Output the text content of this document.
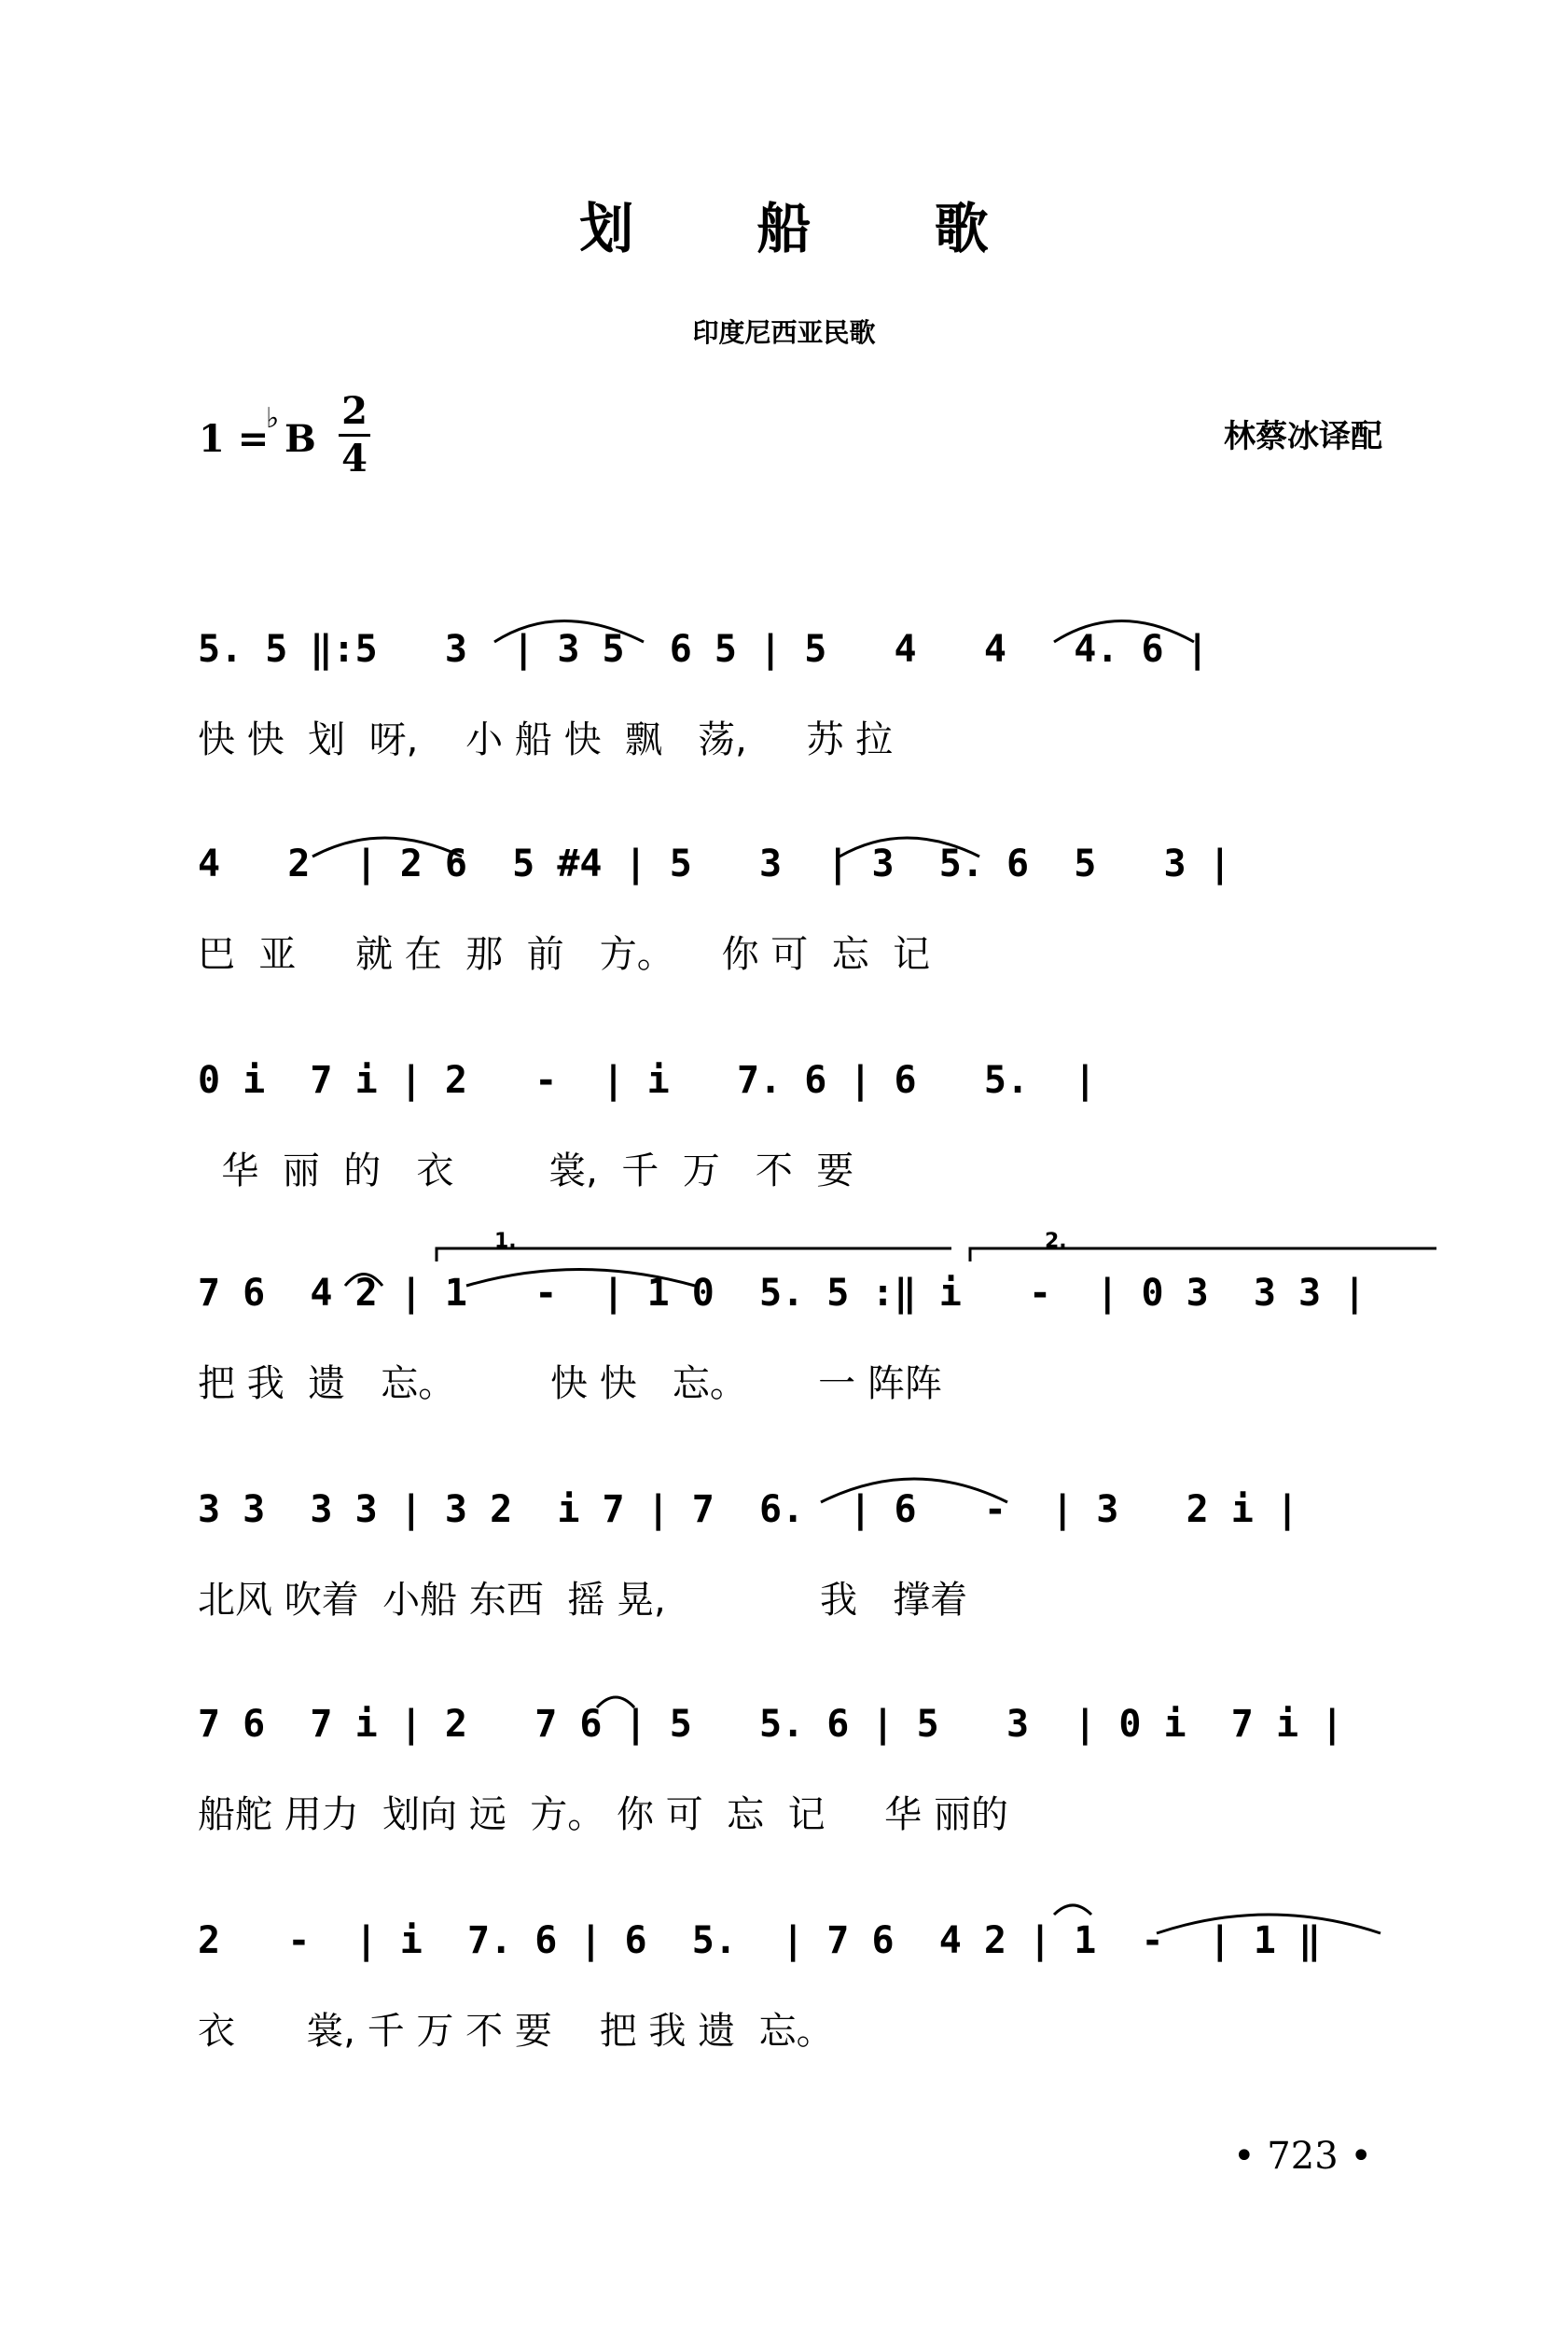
划 船 歌
印度尼西亚民歌
1 =
♭ B
2
4	林蔡冰译配
5. 5 ‖:5   3  | 3 5  6 5 | 5   4   4   4. 6 |
快 快  划  呀,    小 船 快  飘   荡,     苏 拉
4   2  | 2 6  5 #4 | 5   3  | 3  5. 6  5   3 |
巴  亚     就 在  那  前   方。    你 可  忘  记
0 i  7 i | 2   -  | i   7. 6 | 6   5.  |
华  丽  的   衣        裳,  千  万   不  要
1.	2.
7 6  4 2 | 1   -  | 1 0  5. 5 :‖ i   -  | 0 3  3 3 |
把 我  遗   忘。        快 快   忘。      一 阵阵
3 3  3 3 | 3 2  i 7 | 7  6.  | 6   -  | 3   2 i |
北风 吹着  小船 东西  摇 晃,             我   撑着
7 6  7 i | 2   7 6 | 5   5. 6 | 5   3  | 0 i  7 i |
船舵 用力  划向 远  方。 你 可  忘  记     华 丽的
2   -  | i  7. 6 | 6  5.  | 7 6  4 2 | 1  -  | 1 ‖
衣      裳, 千 万 不 要    把 我 遗  忘。
• 723 •
